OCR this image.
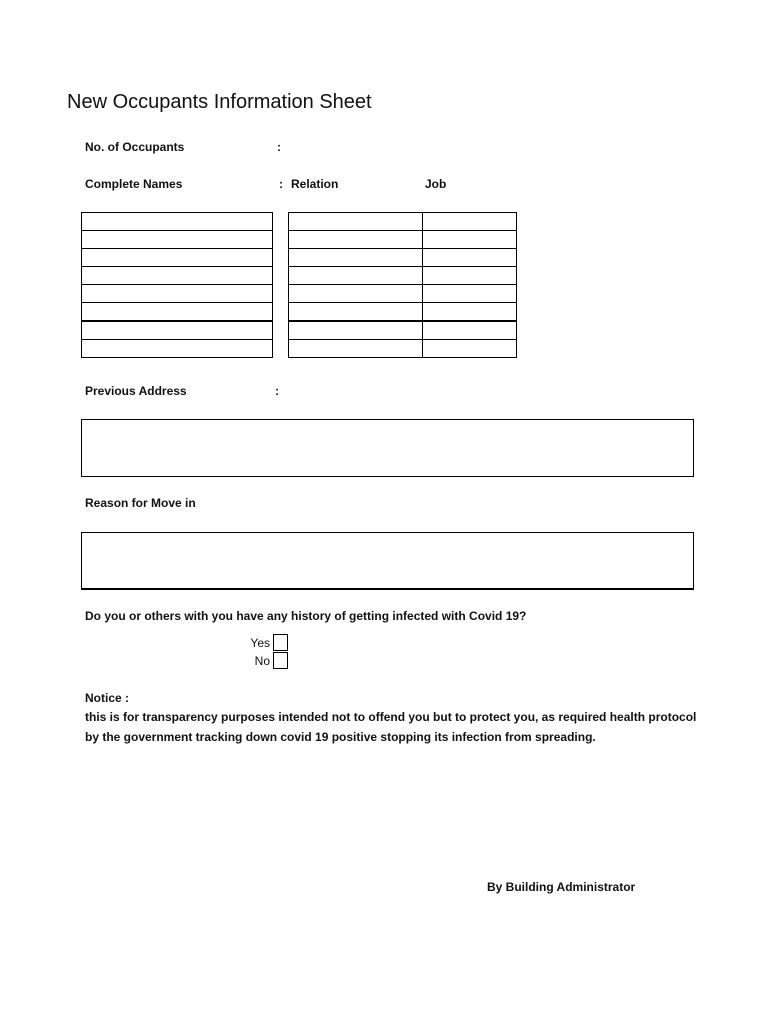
New Occupants Information Sheet
No. of Occupants	:
Complete Names	: Relation	Job

Previous Address	:
Reason for Move in
Do you or others with you have any history of getting infected with Covid 19?
Yes
No
Notice :
this is for transparency purposes intended not to offend you but to protect you, as required health protocol by the government tracking down covid 19 positive stopping its infection from spreading.
By Building Administrator
